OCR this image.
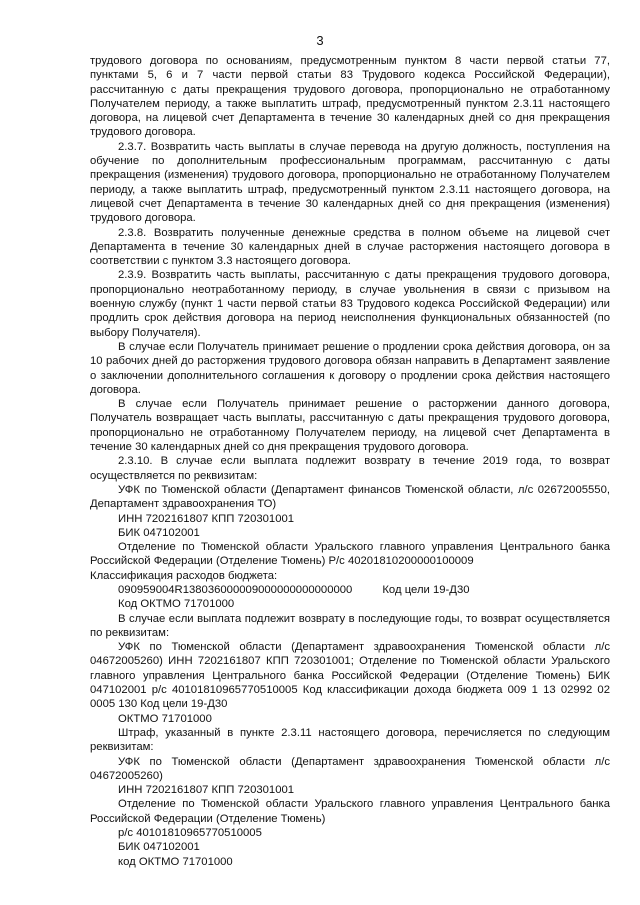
3

трудового договора по основаниям, предусмотренным пунктом 8 части первой статьи 77, пунктами 5, 6 и 7 части первой статьи 83 Трудового кодекса Российской Федерации), рассчитанную с даты прекращения трудового договора, пропорционально не отработанному Получателем периоду, а также выплатить штраф, предусмотренный пунктом 2.3.11 настоящего договора, на лицевой счет Департамента в течение 30 календарных дней со дня прекращения трудового договора.

2.3.7. Возвратить часть выплаты в случае перевода на другую должность, поступления на обучение по дополнительным профессиональным программам, рассчитанную с даты прекращения (изменения) трудового договора, пропорционально не отработанному Получателем периоду, а также выплатить штраф, предусмотренный пунктом 2.3.11 настоящего договора, на лицевой счет Департамента в течение 30 календарных дней со дня прекращения (изменения) трудового договора.

2.3.8. Возвратить полученные денежные средства в полном объеме на лицевой счет Департамента в течение 30 календарных дней в случае расторжения настоящего договора в соответствии с пунктом 3.3 настоящего договора.

2.3.9. Возвратить часть выплаты, рассчитанную с даты прекращения трудового договора, пропорционально неотработанному периоду, в случае увольнения в связи с призывом на военную службу (пункт 1 части первой статьи 83 Трудового кодекса Российской Федерации) или продлить срок действия договора на период неисполнения функциональных обязанностей (по выбору Получателя).

В случае если Получатель принимает решение о продлении срока действия договора, он за 10 рабочих дней до расторжения трудового договора обязан направить в Департамент заявление о заключении дополнительного соглашения к договору о продлении срока действия настоящего договора.

В случае если Получатель принимает решение о расторжении данного договора, Получатель возвращает часть выплаты, рассчитанную с даты прекращения трудового договора, пропорционально не отработанному Получателем периоду, на лицевой счет Департамента в течение 30 календарных дней со дня прекращения трудового договора.

2.3.10. В случае если выплата подлежит возврату в течение 2019 года, то возврат осуществляется по реквизитам:

УФК по Тюменской области (Департамент финансов Тюменской области, л/с 02672005550, Департамент здравоохранения ТО)

ИНН 7202161807 КПП 720301001

БИК 047102001

Отделение по Тюменской области Уральского главного управления Центрального банка Российской Федерации (Отделение Тюмень) Р/с 40201810200000100009

Классификация расходов бюджета:

090959004R138036000009000000000000000	Код цели 19-Д30

Код ОКТМО 71701000

В случае если выплата подлежит возврату в последующие годы, то возврат осуществляется по реквизитам:

УФК по Тюменской области (Департамент здравоохранения Тюменской области л/с 04672005260) ИНН 7202161807 КПП 720301001; Отделение по Тюменской области Уральского главного управления Центрального банка Российской Федерации (Отделение Тюмень) БИК 047102001 р/с 40101810965770510005 Код классификации дохода бюджета 009 1 13 02992 02 0005 130 Код цели 19-Д30

ОКТМО 71701000

Штраф, указанный в пункте 2.3.11 настоящего договора, перечисляется по следующим реквизитам:

УФК по Тюменской области (Департамент здравоохранения Тюменской области л/с 04672005260)

ИНН 7202161807 КПП 720301001

Отделение по Тюменской области Уральского главного управления Центрального банка Российской Федерации (Отделение Тюмень)

р/с 40101810965770510005

БИК 047102001

код ОКТМО 71701000
